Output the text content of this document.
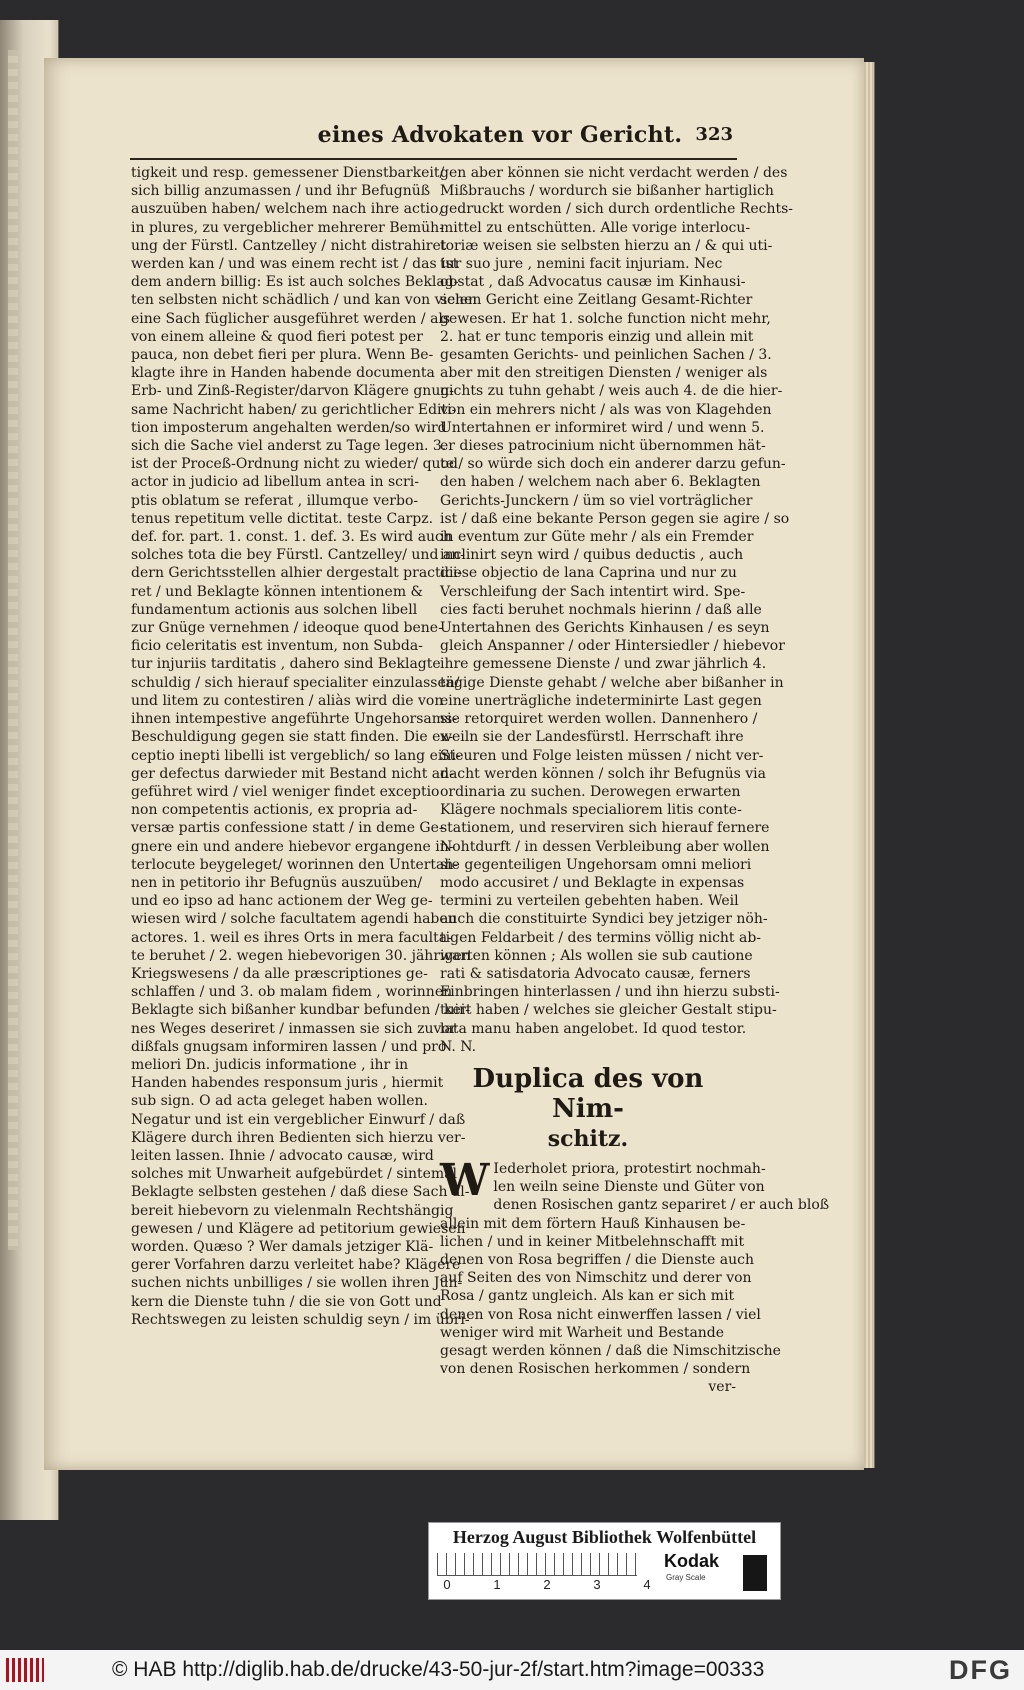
eines Advokaten vor Gericht. 323
tigkeit und resp. gemessener Dienstbarkeit/
sich billig anzumassen / und ihr Befugnüß
auszuüben haben/ welchem nach ihre actio,
in plures, zu vergeblicher mehrerer Bemüh-
ung der Fürstl. Cantzelley / nicht distrahiret
werden kan / und was einem recht ist / das ist
dem andern billig: Es ist auch solches Beklag-
ten selbsten nicht schädlich / und kan von vielen
eine Sach füglicher ausgeführet werden / als
von einem alleine & quod fieri potest per
pauca, non debet fieri per plura. Wenn Be-
klagte ihre in Handen habende documenta
Erb- und Zinß-Register/darvon Klägere gnug-
same Nachricht haben/ zu gerichtlicher Editi-
tion imposterum angehalten werden/so wird
sich die Sache viel anderst zu Tage legen. 3.
ist der Proceß-Ordnung nicht zu wieder/ quod
actor in judicio ad libellum antea in scri-
ptis oblatum se referat , illumque verbo-
tenus repetitum velle dictitat. teste Carpz.
def. for. part. 1. const. 1. def. 3. Es wird auch
solches tota die bey Fürstl. Cantzelley/ und an-
dern Gerichtsstellen alhier dergestalt practici-
ret / und Beklagte können intentionem &
fundamentum actionis aus solchen libell
zur Gnüge vernehmen / ideoque quod bene-
ficio celeritatis est inventum, non Subda-
tur injuriis tarditatis , dahero sind Beklagte
schuldig / sich hierauf specialiter einzulassen/
und litem zu contestiren / aliàs wird die von
ihnen intempestive angeführte Ungehorsams-
Beschuldigung gegen sie statt finden. Die ex-
ceptio inepti libelli ist vergeblich/ so lang eini-
ger defectus darwieder mit Bestand nicht an-
geführet wird / viel weniger findet exceptio
non competentis actionis, ex propria ad-
versæ partis confessione statt / in deme Ge-
gnere ein und andere hiebevor ergangene in-
terlocute beygeleget/ worinnen den Untertah-
nen in petitorio ihr Befugnüs auszuüben/
und eo ipso ad hanc actionem der Weg ge-
wiesen wird / solche facultatem agendi haben
actores. 1. weil es ihres Orts in mera faculta-
te beruhet / 2. wegen hiebevorigen 30. jährigen
Kriegswesens / da alle præscriptiones ge-
schlaffen / und 3. ob malam fidem , worinnen
Beklagte sich bißanher kundbar befunden / kei-
nes Weges deseriret / inmassen sie sich zuvor
dißfals gnugsam informiren lassen / und pro
meliori Dn. judicis informatione , ihr in
Handen habendes responsum juris , hiermit
sub sign. O ad acta geleget haben wollen.
Negatur und ist ein vergeblicher Einwurf / daß
Klägere durch ihren Bedienten sich hierzu ver-
leiten lassen. Ihnie / advocato causæ, wird
solches mit Unwarheit aufgebürdet / sintemal
Beklagte selbsten gestehen / daß diese Sach al-
bereit hiebevorn zu vielenmaln Rechtshängig
gewesen / und Klägere ad petitorium gewiesen
worden. Quæso ? Wer damals jetziger Klä-
gerer Vorfahren darzu verleitet habe? Klägere
suchen nichts unbilliges / sie wollen ihren Jun-
kern die Dienste tuhn / die sie von Gott und
Rechtswegen zu leisten schuldig seyn / im übri-
gen aber können sie nicht verdacht werden / des
Mißbrauchs / wordurch sie bißanher hartiglich
gedruckt worden / sich durch ordentliche Rechts-
mittel zu entschütten. Alle vorige interlocu-
toriæ weisen sie selbsten hierzu an / & qui uti-
tur suo jure , nemini facit injuriam. Nec
obstat , daß Advocatus causæ im Kinhausi-
schen Gericht eine Zeitlang Gesamt-Richter
gewesen. Er hat 1. solche function nicht mehr,
2. hat er tunc temporis einzig und allein mit
gesamten Gerichts- und peinlichen Sachen / 3.
aber mit den streitigen Diensten / weniger als
nichts zu tuhn gehabt / weis auch 4. de die hier-
von ein mehrers nicht / als was von Klagehden
Untertahnen er informiret wird / und wenn 5.
er dieses patrocinium nicht übernommen hät-
te / so würde sich doch ein anderer darzu gefun-
den haben / welchem nach aber 6. Beklagten
Gerichts-Junckern / üm so viel vorträglicher
ist / daß eine bekante Person gegen sie agire / so
in eventum zur Güte mehr / als ein Fremder
inclinirt seyn wird / quibus deductis , auch
diese objectio de lana Caprina und nur zu
Verschleifung der Sach intentirt wird. Spe-
cies facti beruhet nochmals hierinn / daß alle
Untertahnen des Gerichts Kinhausen / es seyn
gleich Anspanner / oder Hintersiedler / hiebevor
ihre gemessene Dienste / und zwar jährlich 4.
tägige Dienste gehabt / welche aber bißanher in
eine unerträgliche indeterminirte Last gegen
sie retorquiret werden wollen. Dannenhero /
weiln sie der Landesfürstl. Herrschaft ihre
Steuren und Folge leisten müssen / nicht ver-
dacht werden können / solch ihr Befugnüs via
ordinaria zu suchen. Derowegen erwarten
Klägere nochmals specialiorem litis conte-
stationem, und reserviren sich hierauf fernere
Nohtdurft / in dessen Verbleibung aber wollen
sie gegenteiligen Ungehorsam omni meliori
modo accusiret / und Beklagte in expensas
termini zu verteilen gebehten haben. Weil
auch die constituirte Syndici bey jetziger nöh-
tigen Feldarbeit / des termins völlig nicht ab-
warten können ; Als wollen sie sub cautione
rati & satisdatoria Advocato causæ, ferners
Einbringen hinterlassen / und ihn hierzu substi-
tuirt haben / welches sie gleicher Gestalt stipu-
lata manu haben angelobet. Id quod testor.
N. N.
Duplica des von Nim-
schitz.
W Iederholet priora, protestirt nochmah-
len weiln seine Dienste und Güter von
denen Rosischen gantz separiret / er auch bloß
allein mit dem förtern Hauß Kinhausen be-
lichen / und in keiner Mitbelehnschafft mit
denen von Rosa begriffen / die Dienste auch
auf Seiten des von Nimschitz und derer von
Rosa / gantz ungleich. Als kan er sich mit
denen von Rosa nicht einwerffen lassen / viel
weniger wird mit Warheit und Bestande
gesagt werden können / daß die Nimschitzische
von denen Rosischen herkommen / sondern
ver-
Herzog August Bibliothek Wolfenbüttel
0	1	2	3	4
Kodak
Gray Scale
© HAB http://diglib.hab.de/drucke/43-50-jur-2f/start.htm?image=00333	DFG
